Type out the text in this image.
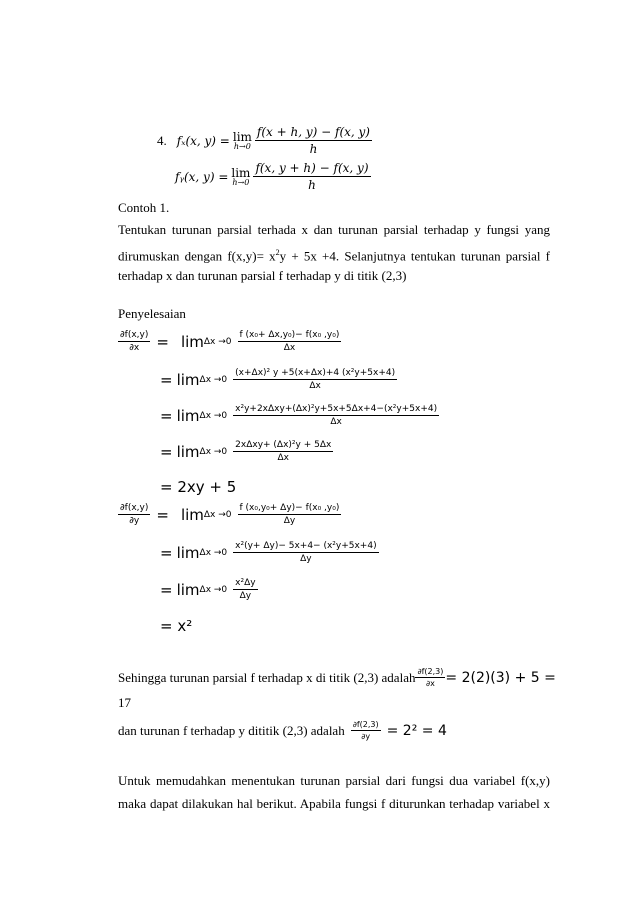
4. fₓ(x, y) = lim
$h\to 0 \frac{f(x + h, y) - f(x, y)}{h}$
fᵧ(x, y) = lim
$h\to 0 \frac{f(x, y + h) - f(x, y)}{h}$
Contoh 1.
Tentukan turunan parsial terhada x dan turunan parsial terhadap y fungsi yang
dirumuskan dengan $f(x,y)= x^2y + 5x +4$. Selanjutnya tentukan turunan parsial f
terhadap x dan turunan parsial f terhadap y di titik (2,3)
Penyelesaian
$\frac{\partial f(x,y)}{\partial x} = \lim \Delta x \to 0 \frac{\text{f (x₀+ Δx,y₀)− f(x₀ ,y₀)}}{\Delta x}$
= $\lim \Delta x \to 0 \frac{\text{(x+Δx)² y +5(x+Δx)+4 (x²y+5x+4)}}{\Delta x}$
= $\lim \Delta x \to 0 \frac{\text{x²y+2xΔxy+(Δx)²y+5x+5Δx+4−(x²y+5x+4)}}{\Delta x}$
= $\lim \Delta x \to 0 \frac{\text{2xΔxy+ (Δx)²y + 5Δx}}{\Delta x}$
= 2xy + 5
$\frac{\partial f(x,y)}{\partial y} = \lim \Delta x \to 0 \frac{\text{f (x₀,y₀+ Δy)− f(x₀ ,y₀)}}{\Delta y}$
= $\lim \Delta x \to 0 \frac{\text{x²(y+ Δy)− 5x+4− (x²y+5x+4)}}{\Delta y}$
= $\lim \Delta x \to 0 \frac{\text{x²Δy}}{\Delta y}$
= x²
Sehingga turunan parsial f terhadap x di titik (2,3) adalah $\frac{\partial f(2,3)}{\partial x} = 2(2)(3) + 5$ =
17
dan turunan f terhadap y dititik (2,3) adalah $\frac{\partial f(2,3)}{\partial y} = 2^2 = 4$
Untuk memudahkan menentukan turunan parsial dari fungsi dua variabel f(x,y)
maka dapat dilakukan hal berikut. Apabila fungsi f diturunkan terhadap variabel x
